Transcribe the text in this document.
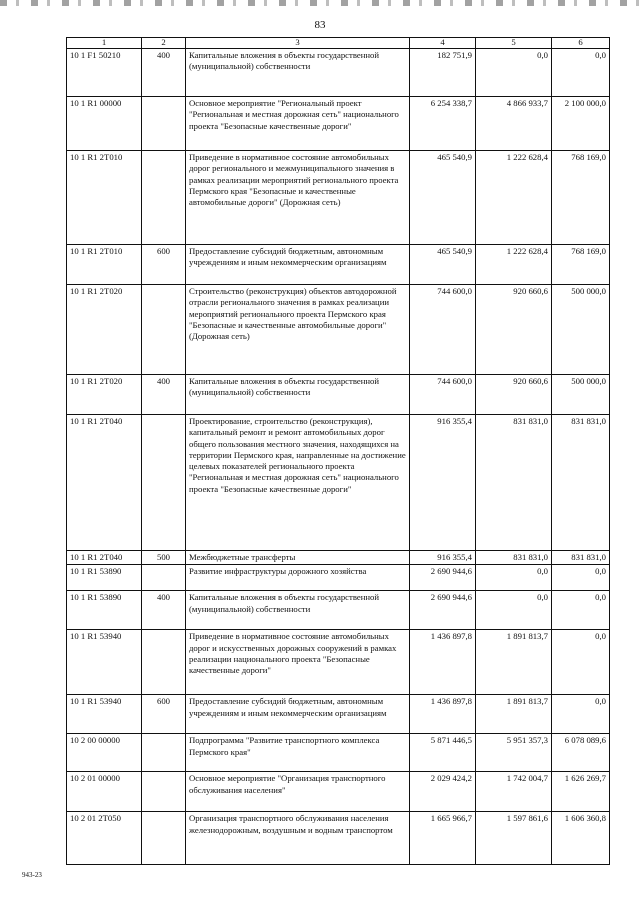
83
1	2	3	4	5	6
10 1 F1 50210	400	Капитальные вложения в объекты государственной (муниципальной) собственности	182 751,9	0,0	0,0
10 1 R1 00000		Основное мероприятие "Региональный проект "Региональная и местная дорожная сеть" национального проекта "Безопасные качественные дороги"	6 254 338,7	4 866 933,7	2 100 000,0
10 1 R1 2T010		Приведение в нормативное состояние автомобильных дорог регионального и межмуниципального значения в рамках реализации мероприятий регионального проекта Пермского края "Безопасные и качественные автомобильные дороги" (Дорожная сеть)	465 540,9	1 222 628,4	768 169,0
10 1 R1 2T010	600	Предоставление субсидий бюджетным, автономным учреждениям и иным некоммерческим организациям	465 540,9	1 222 628,4	768 169,0
10 1 R1 2T020		Строительство (реконструкция) объектов автодорожной отрасли регионального значения в рамках реализации мероприятий регионального проекта Пермского края "Безопасные и качественные автомобильные дороги" (Дорожная сеть)	744 600,0	920 660,6	500 000,0
10 1 R1 2T020	400	Капитальные вложения в объекты государственной (муниципальной) собственности	744 600,0	920 660,6	500 000,0
10 1 R1 2T040		Проектирование, строительство (реконструкция), капитальный ремонт и ремонт автомобильных дорог общего пользования местного значения, находящихся на территории Пермского края, направленные на достижение целевых показателей регионального проекта "Региональная и местная дорожная сеть" национального проекта "Безопасные качественные дороги"	916 355,4	831 831,0	831 831,0
10 1 R1 2T040	500	Межбюджетные трансферты	916 355,4	831 831,0	831 831,0
10 1 R1 53890		Развитие инфраструктуры дорожного хозяйства	2 690 944,6	0,0	0,0
10 1 R1 53890	400	Капитальные вложения в объекты государственной (муниципальной) собственности	2 690 944,6	0,0	0,0
10 1 R1 53940		Приведение в нормативное состояние автомобильных дорог и искусственных дорожных сооружений в рамках реализации национального проекта "Безопасные качественные дороги"	1 436 897,8	1 891 813,7	0,0
10 1 R1 53940	600	Предоставление субсидий бюджетным, автономным учреждениям и иным некоммерческим организациям	1 436 897,8	1 891 813,7	0,0
10 2 00 00000		Подпрограмма "Развитие транспортного комплекса Пермского края"	5 871 446,5	5 951 357,3	6 078 089,6
10 2 01 00000		Основное мероприятие "Организация транспортного обслуживания населения"	2 029 424,2	1 742 004,7	1 626 269,7
10 2 01 2T050		Организация транспортного обслуживания населения железнодорожным, воздушным и водным транспортом	1 665 966,7	1 597 861,6	1 606 360,8
943-23
